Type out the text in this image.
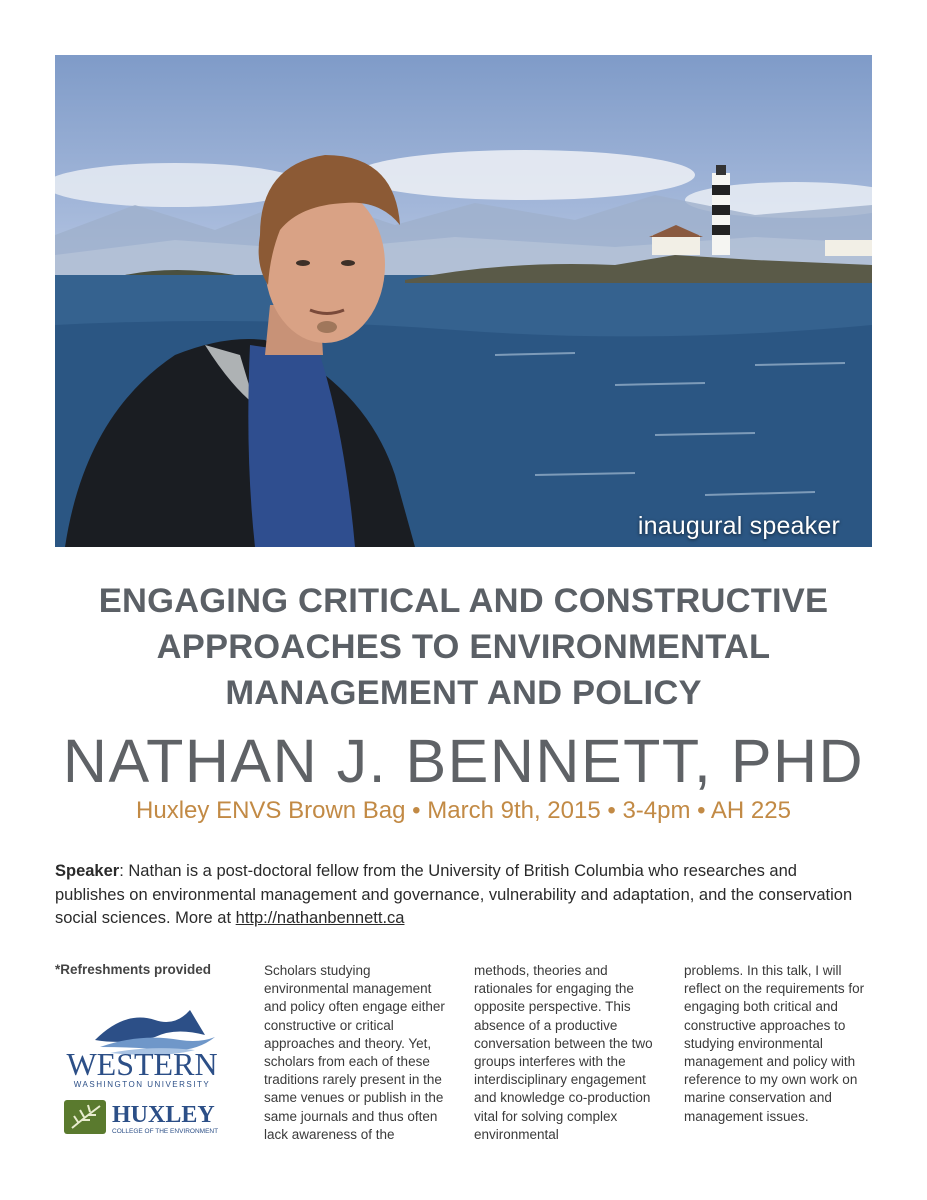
inaugural speaker
ENGAGING CRITICAL AND CONSTRUCTIVE
APPROACHES TO ENVIRONMENTAL
MANAGEMENT AND POLICY
NATHAN J. BENNETT, PHD
Huxley ENVS Brown Bag • March 9th, 2015 • 3-4pm • AH 225
Speaker: Nathan is a post-doctoral fellow from the University of British Columbia who researches and publishes on environmental management and governance, vulnerability and adaptation, and the conservation social sciences. More at http://nathanbennett.ca
*Refreshments provided
WESTERN
WASHINGTON UNIVERSITY
HUXLEY
COLLEGE OF THE ENVIRONMENT
Scholars studying environmental management and policy often engage either constructive or critical approaches and theory. Yet, scholars from each of these traditions rarely present in the same venues or publish in the same journals and thus often lack awareness of the
methods, theories and rationales for engaging the opposite perspective. This absence of a productive conversation between the two groups interferes with the interdisciplinary engagement and knowledge co-production vital for solving complex environmental
problems. In this talk, I will reflect on the requirements for engaging both critical and constructive approaches to studying environmental management and policy with reference to my own work on marine conservation and management issues.
